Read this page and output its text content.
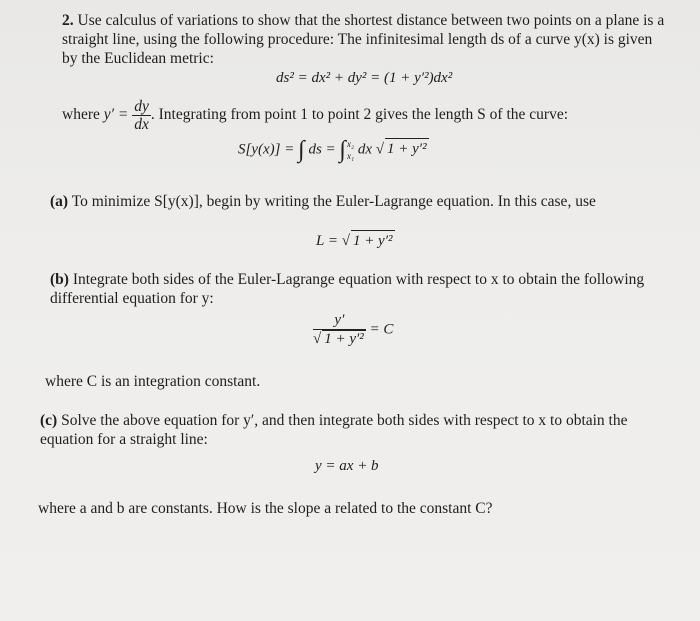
2. Use calculus of variations to show that the shortest distance between two points on a plane is a
straight line, using the following procedure: The infinitesimal length ds of a curve y(x) is given
by the Euclidean metric:
ds² = dx² + dy² = (1 + y′²)dx²
where $y' = \frac{dy}{dx}$ . Integrating from point 1 to point 2 gives the length S of the curve:
S[y(x)] = ∫ ds = ∫ x₂
x₁ dx √ 1 + y′²
(a) To minimize S[y(x)], begin by writing the Euler-Lagrange equation. In this case, use
L = √ 1 + y′²
(b) Integrate both sides of the Euler-Lagrange equation with respect to x to obtain the following
differential equation for y:
$\frac{y'}{\text{√ 1 + y′²}} = C$
where C is an integration constant.
(c) Solve the above equation for y′, and then integrate both sides with respect to x to obtain the
equation for a straight line:
y = ax + b
where a and b are constants. How is the slope a related to the constant C?
